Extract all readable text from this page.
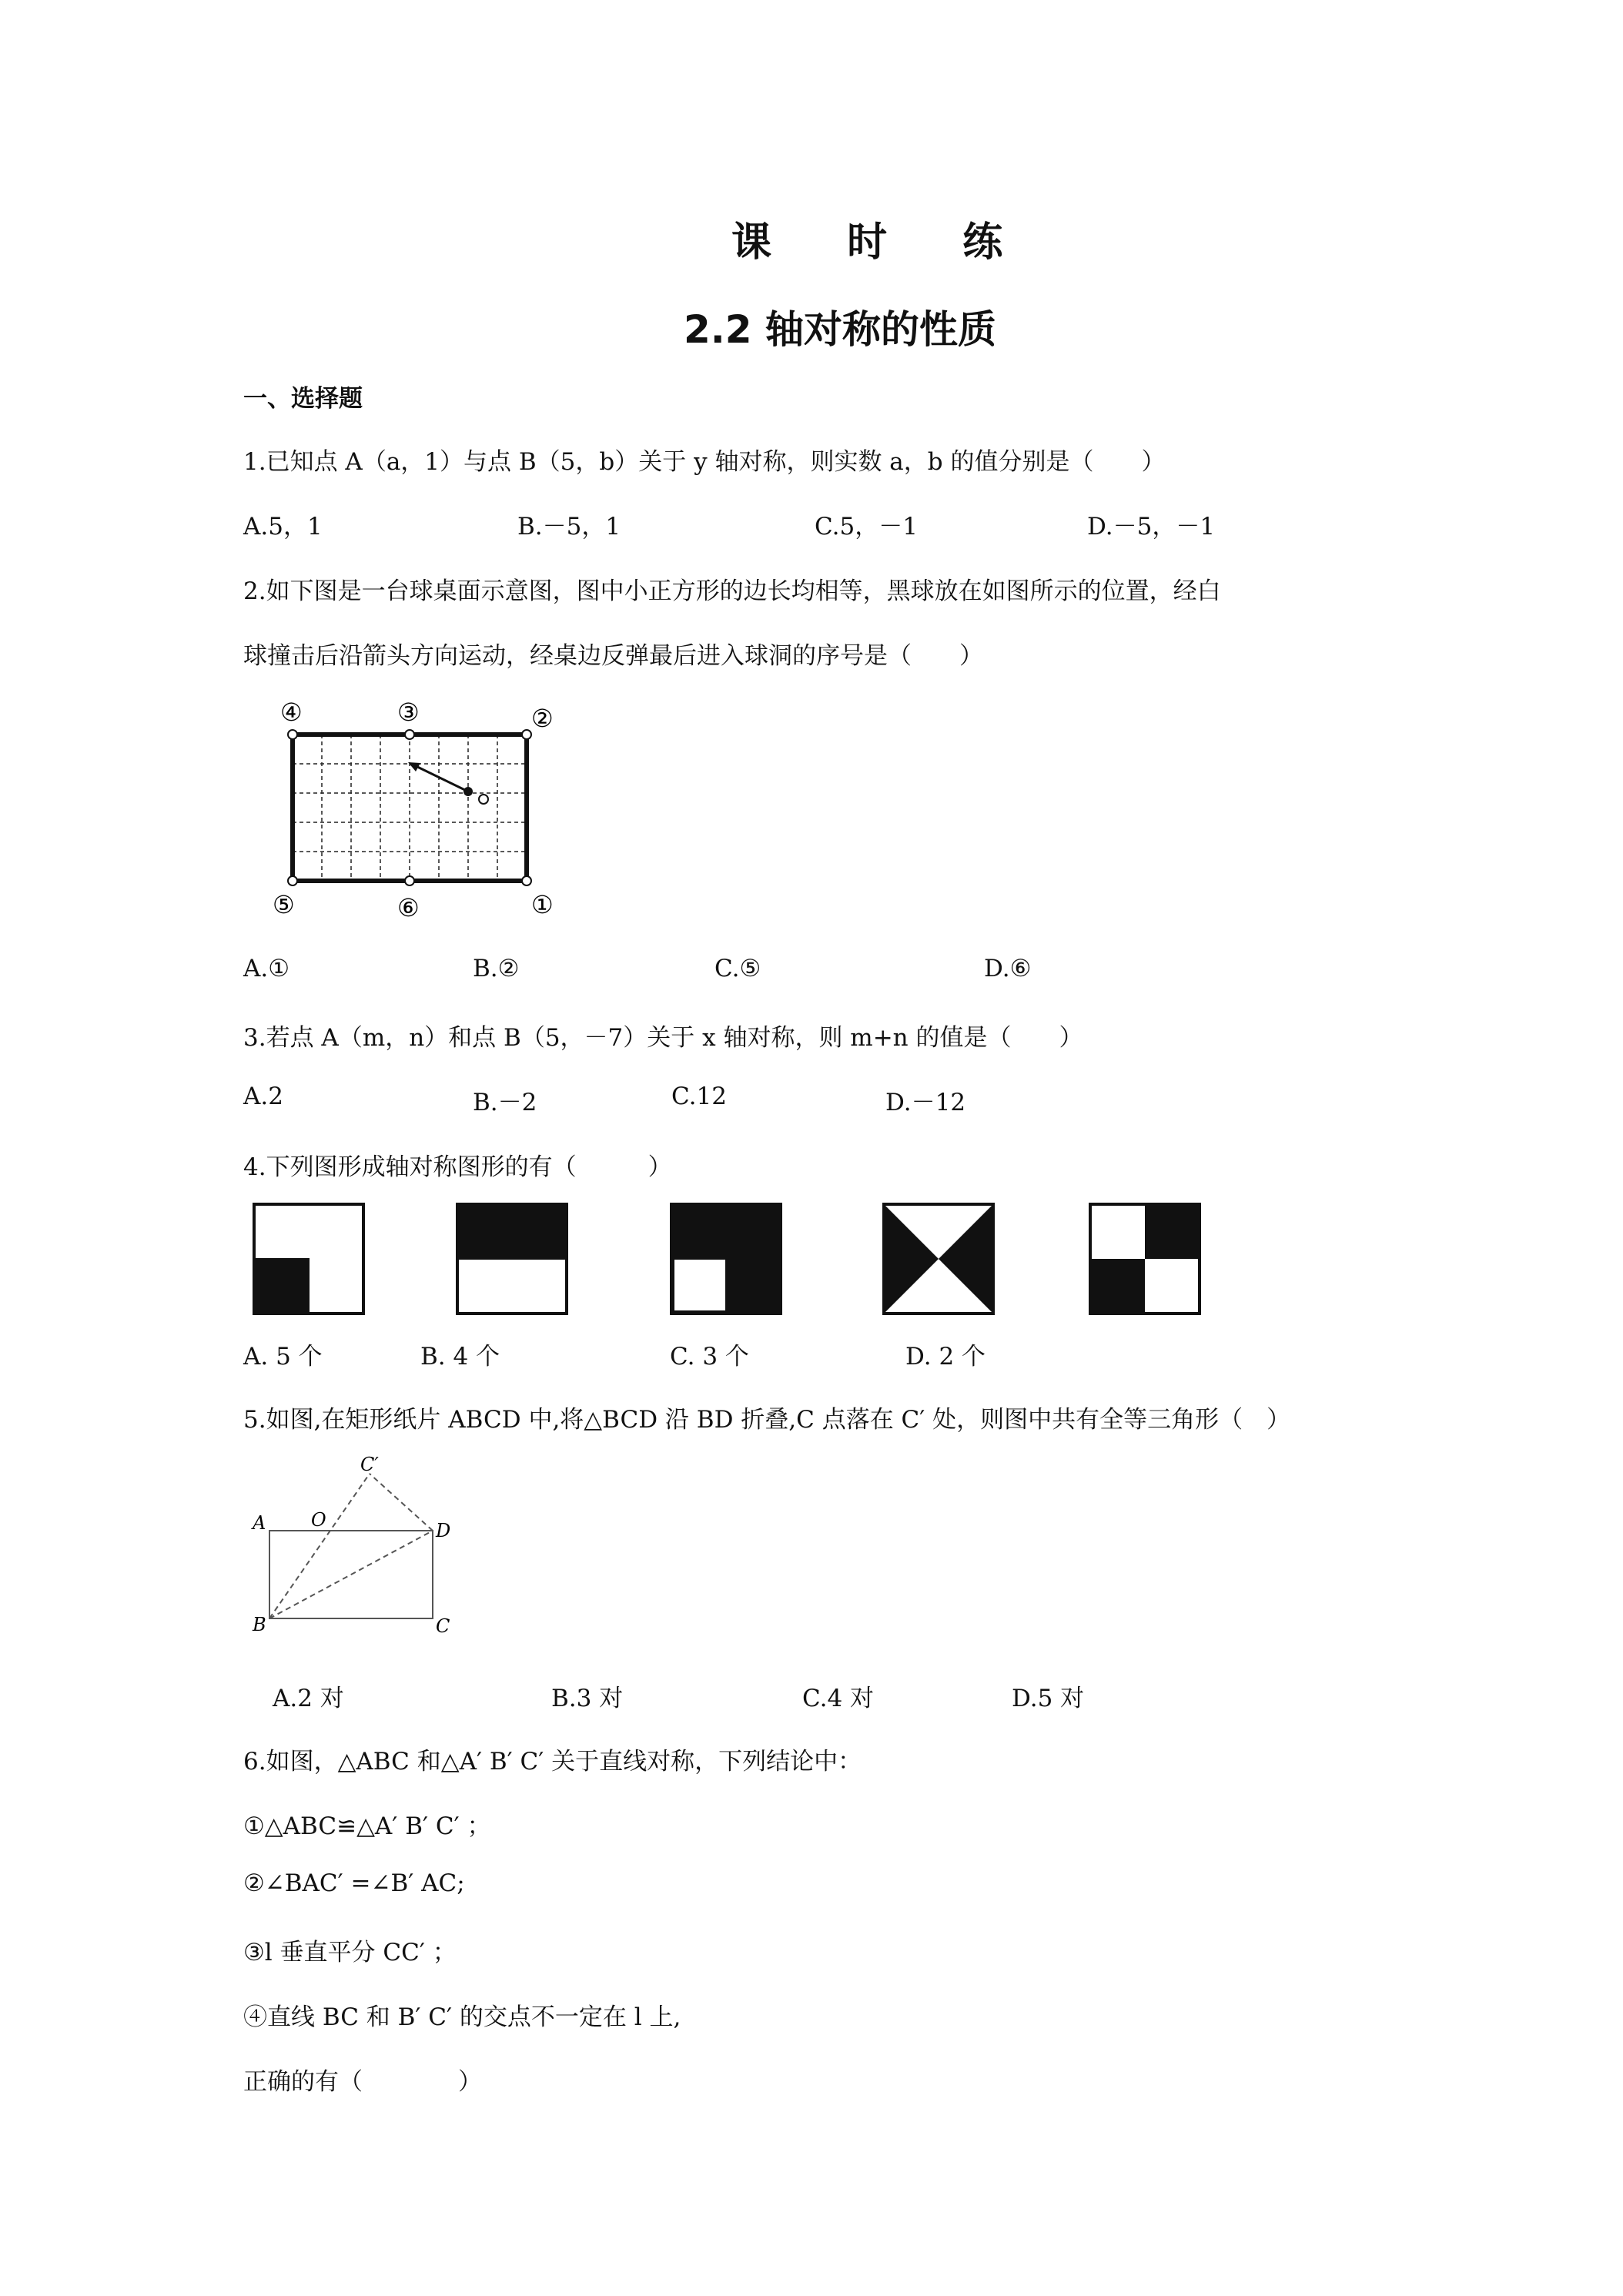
课 时 练
2.2 轴对称的性质
一、选择题
1.已知点 A（a，1）与点 B（5，b）关于 y 轴对称，则实数 a，b 的值分别是（　　）
A.5，1	B.－5，1	C.5，－1	D.－5，－1
2.如下图是一台球桌面示意图，图中小正方形的边长均相等，黑球放在如图所示的位置，经白
球撞击后沿箭头方向运动，经桌边反弹最后进入球洞的序号是（　　）
④	③	②
⑤	⑥	①
A.①	B.②	C.⑤	D.⑥
3.若点 A（m，n）和点 B（5，－7）关于 x 轴对称，则 m+n 的值是（　　）
A.2	B.－2	C.12	D.－12
4.下列图形成轴对称图形的有（　　　）
A. 5 个	B. 4 个	C. 3 个	D. 2 个
5.如图,在矩形纸片 ABCD 中,将△BCD 沿 BD 折叠,C 点落在 C′ 处，则图中共有全等三角形（　）
C′
A O	D
B	C
A.2 对	B.3 对	C.4 对	D.5 对
6.如图，△ABC 和△A′ B′ C′ 关于直线对称，下列结论中：
①△ABC≌△A′ B′ C′ ；
②∠BAC′ =∠B′ AC;
③l 垂直平分 CC′ ；
④直线 BC 和 B′ C′ 的交点不一定在 l 上,
正确的有（　　　　）
